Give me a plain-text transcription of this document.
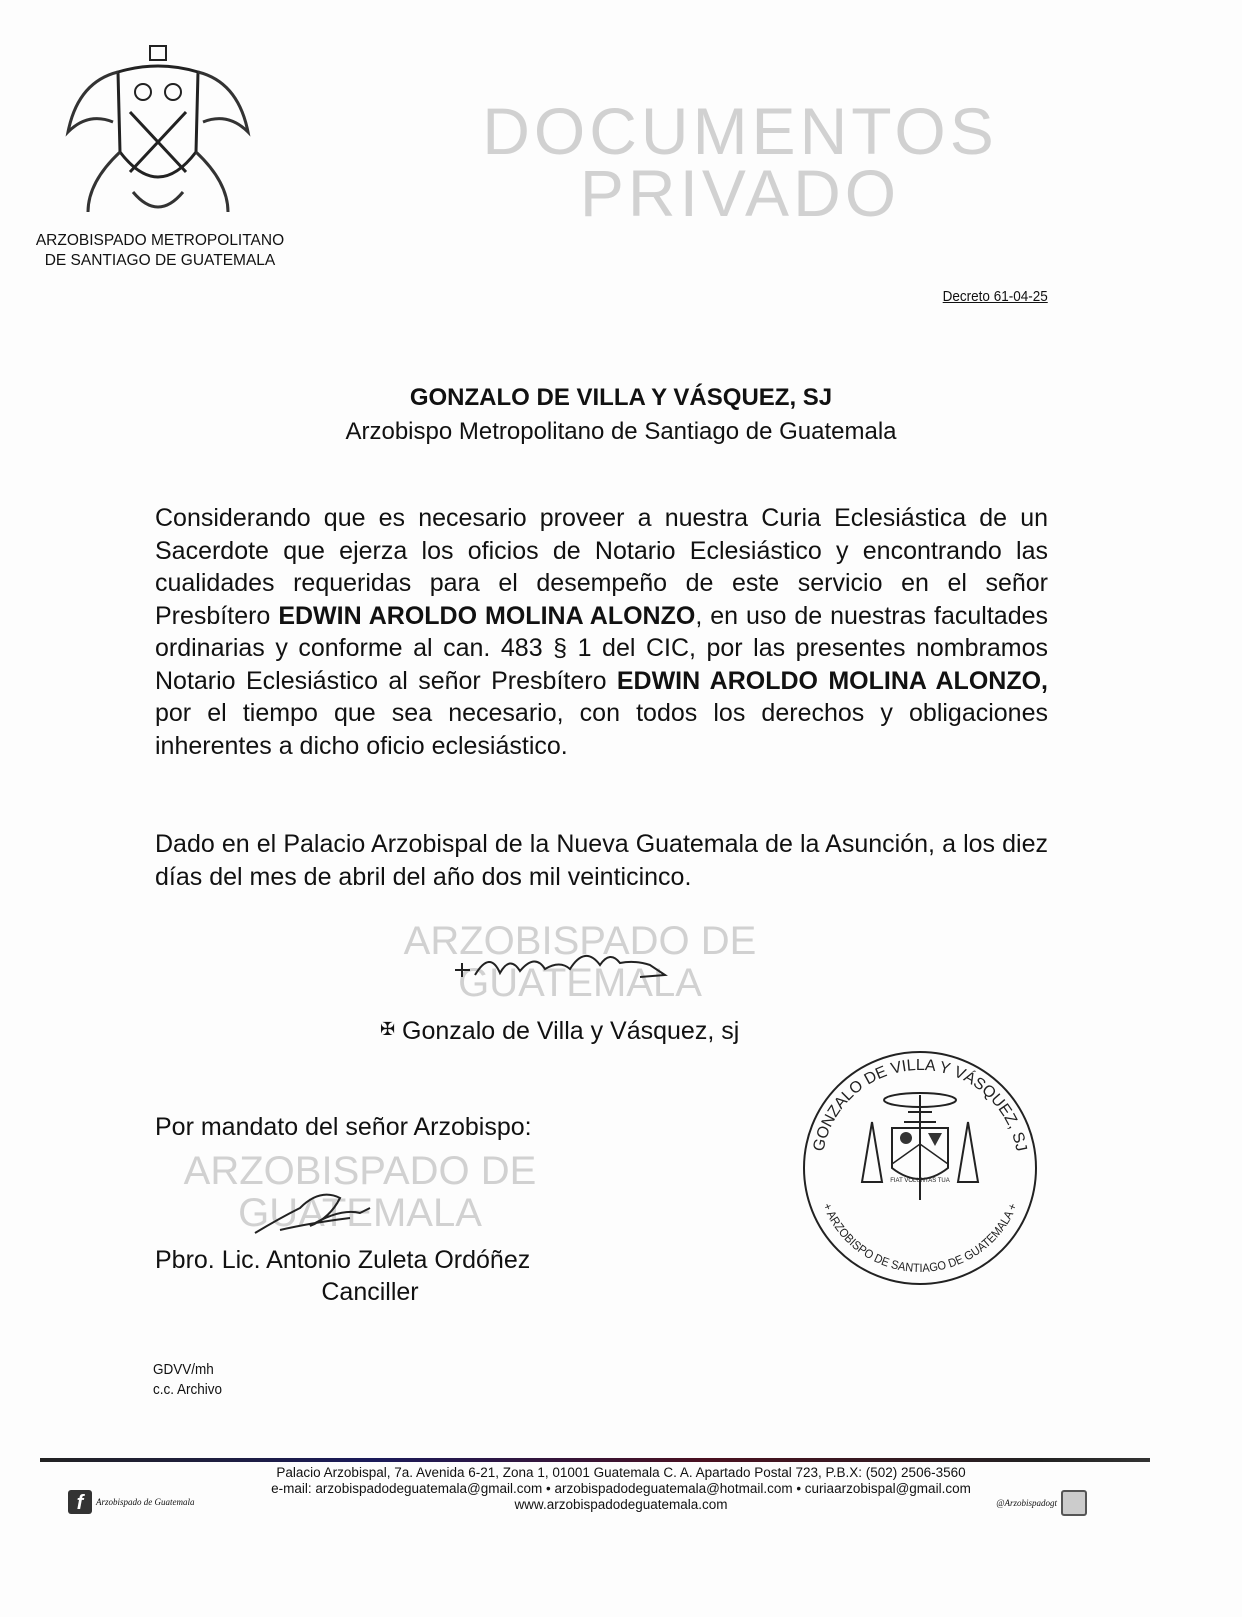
ARZOBISPADO METROPOLITANO
DE SANTIAGO DE GUATEMALA
Decreto 61-04-25
DOCUMENTOS PRIVADO
GONZALO DE VILLA Y VÁSQUEZ, SJ
Arzobispo Metropolitano de Santiago de Guatemala
Considerando que es necesario proveer a nuestra Curia Eclesiástica de un Sacerdote que ejerza los oficios de Notario Eclesiástico y encontrando las cualidades requeridas para el desempeño de este servicio en el señor Presbítero EDWIN AROLDO MOLINA ALONZO, en uso de nuestras facultades ordinarias y conforme al can. 483 § 1 del CIC, por las presentes nombramos Notario Eclesiástico al señor Presbítero EDWIN AROLDO MOLINA ALONZO, por el tiempo que sea necesario, con todos los derechos y obligaciones inherentes a dicho oficio eclesiástico.
Dado en el Palacio Arzobispal de la Nueva Guatemala de la Asunción, a los diez días del mes de abril del año dos mil veinticinco.
ARZOBISPADO DE GUATEMALA
✠ Gonzalo de Villa y Vásquez, sj
GONZALO DE VILLA Y VÁSQUEZ, SJ
+ ARZOBISPO DE SANTIAGO DE GUATEMALA +
FIAT VOLUNTAS TUA
Por mandato del señor Arzobispo:
ARZOBISPADO DE GUATEMALA
Pbro. Lic. Antonio Zuleta Ordóñez
Canciller
GDVV/mh
c.c. Archivo
Palacio Arzobispal, 7a. Avenida 6-21, Zona 1, 01001 Guatemala C. A. Apartado Postal 723, P.B.X: (502) 2506-3560
e-mail: arzobispadodeguatemala@gmail.com • arzobispadodeguatemala@hotmail.com • curiaarzobispal@gmail.com
www.arzobispadodeguatemala.com
f	Arzobispado de Guatemala	@Arzobispadogt
